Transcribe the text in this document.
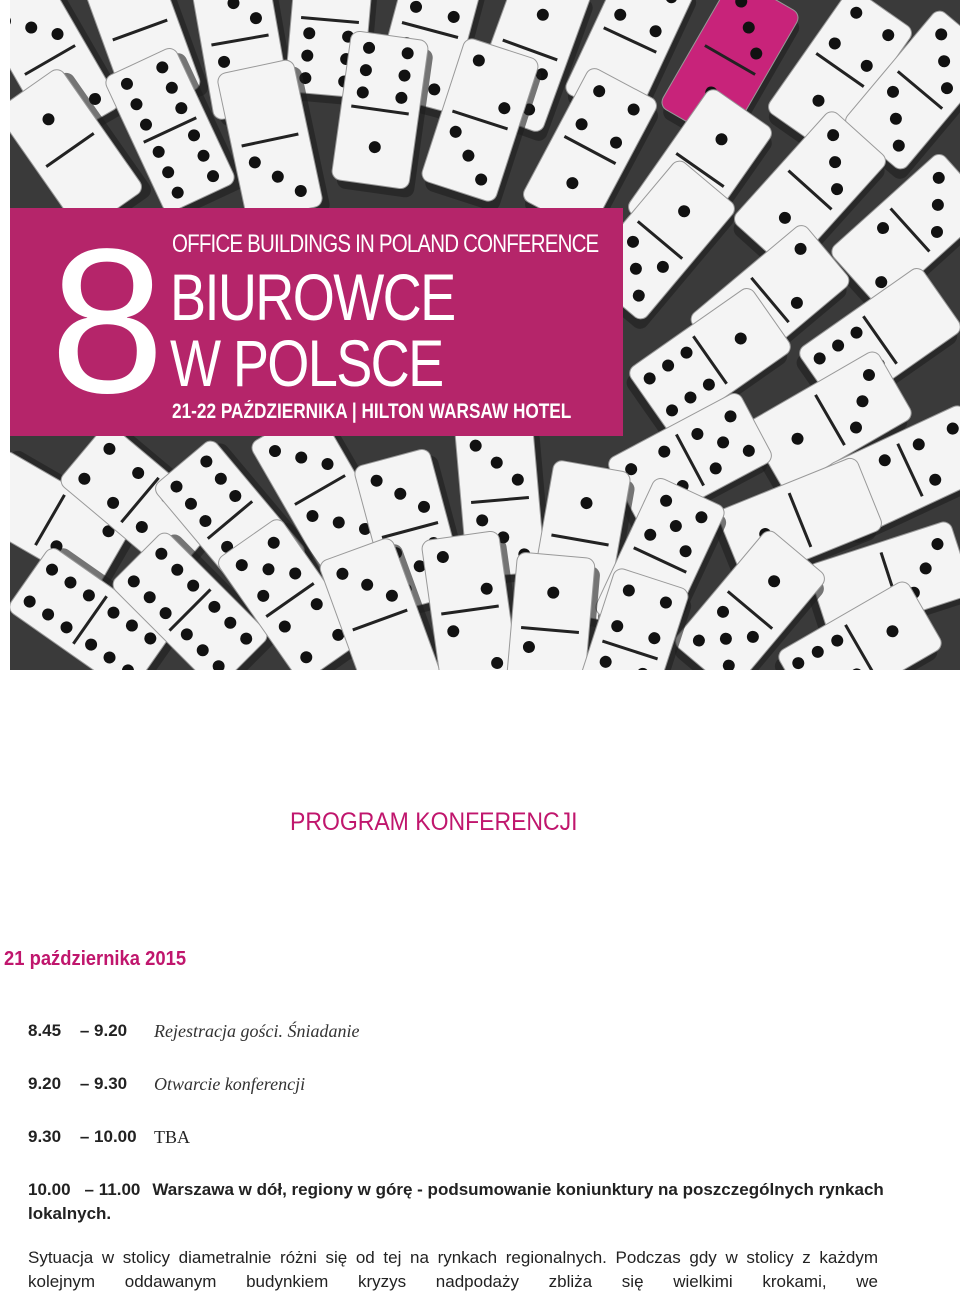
8 OFFICE BUILDINGS IN POLAND CONFERENCE
BIUROWCE
W POLSCE
21-22 PAŹDZIERNIKA | HILTON WARSAW HOTEL
PROGRAM KONFERENCJI
21 października 2015
8.45 – 9.20 Rejestracja gości. Śniadanie
9.20 – 9.30 Otwarcie konferencji
9.30 – 10.00 TBA
10.00 – 11.00 Warszawa w dół, regiony w górę - podsumowanie koniunktury na poszczególnych rynkach lokalnych.
Sytuacja w stolicy diametralnie różni się od tej na rynkach regionalnych. Podczas gdy w stolicy z każdym kolejnym oddawanym budynkiem kryzys nadpodaży zbliża się wielkimi krokami, we
